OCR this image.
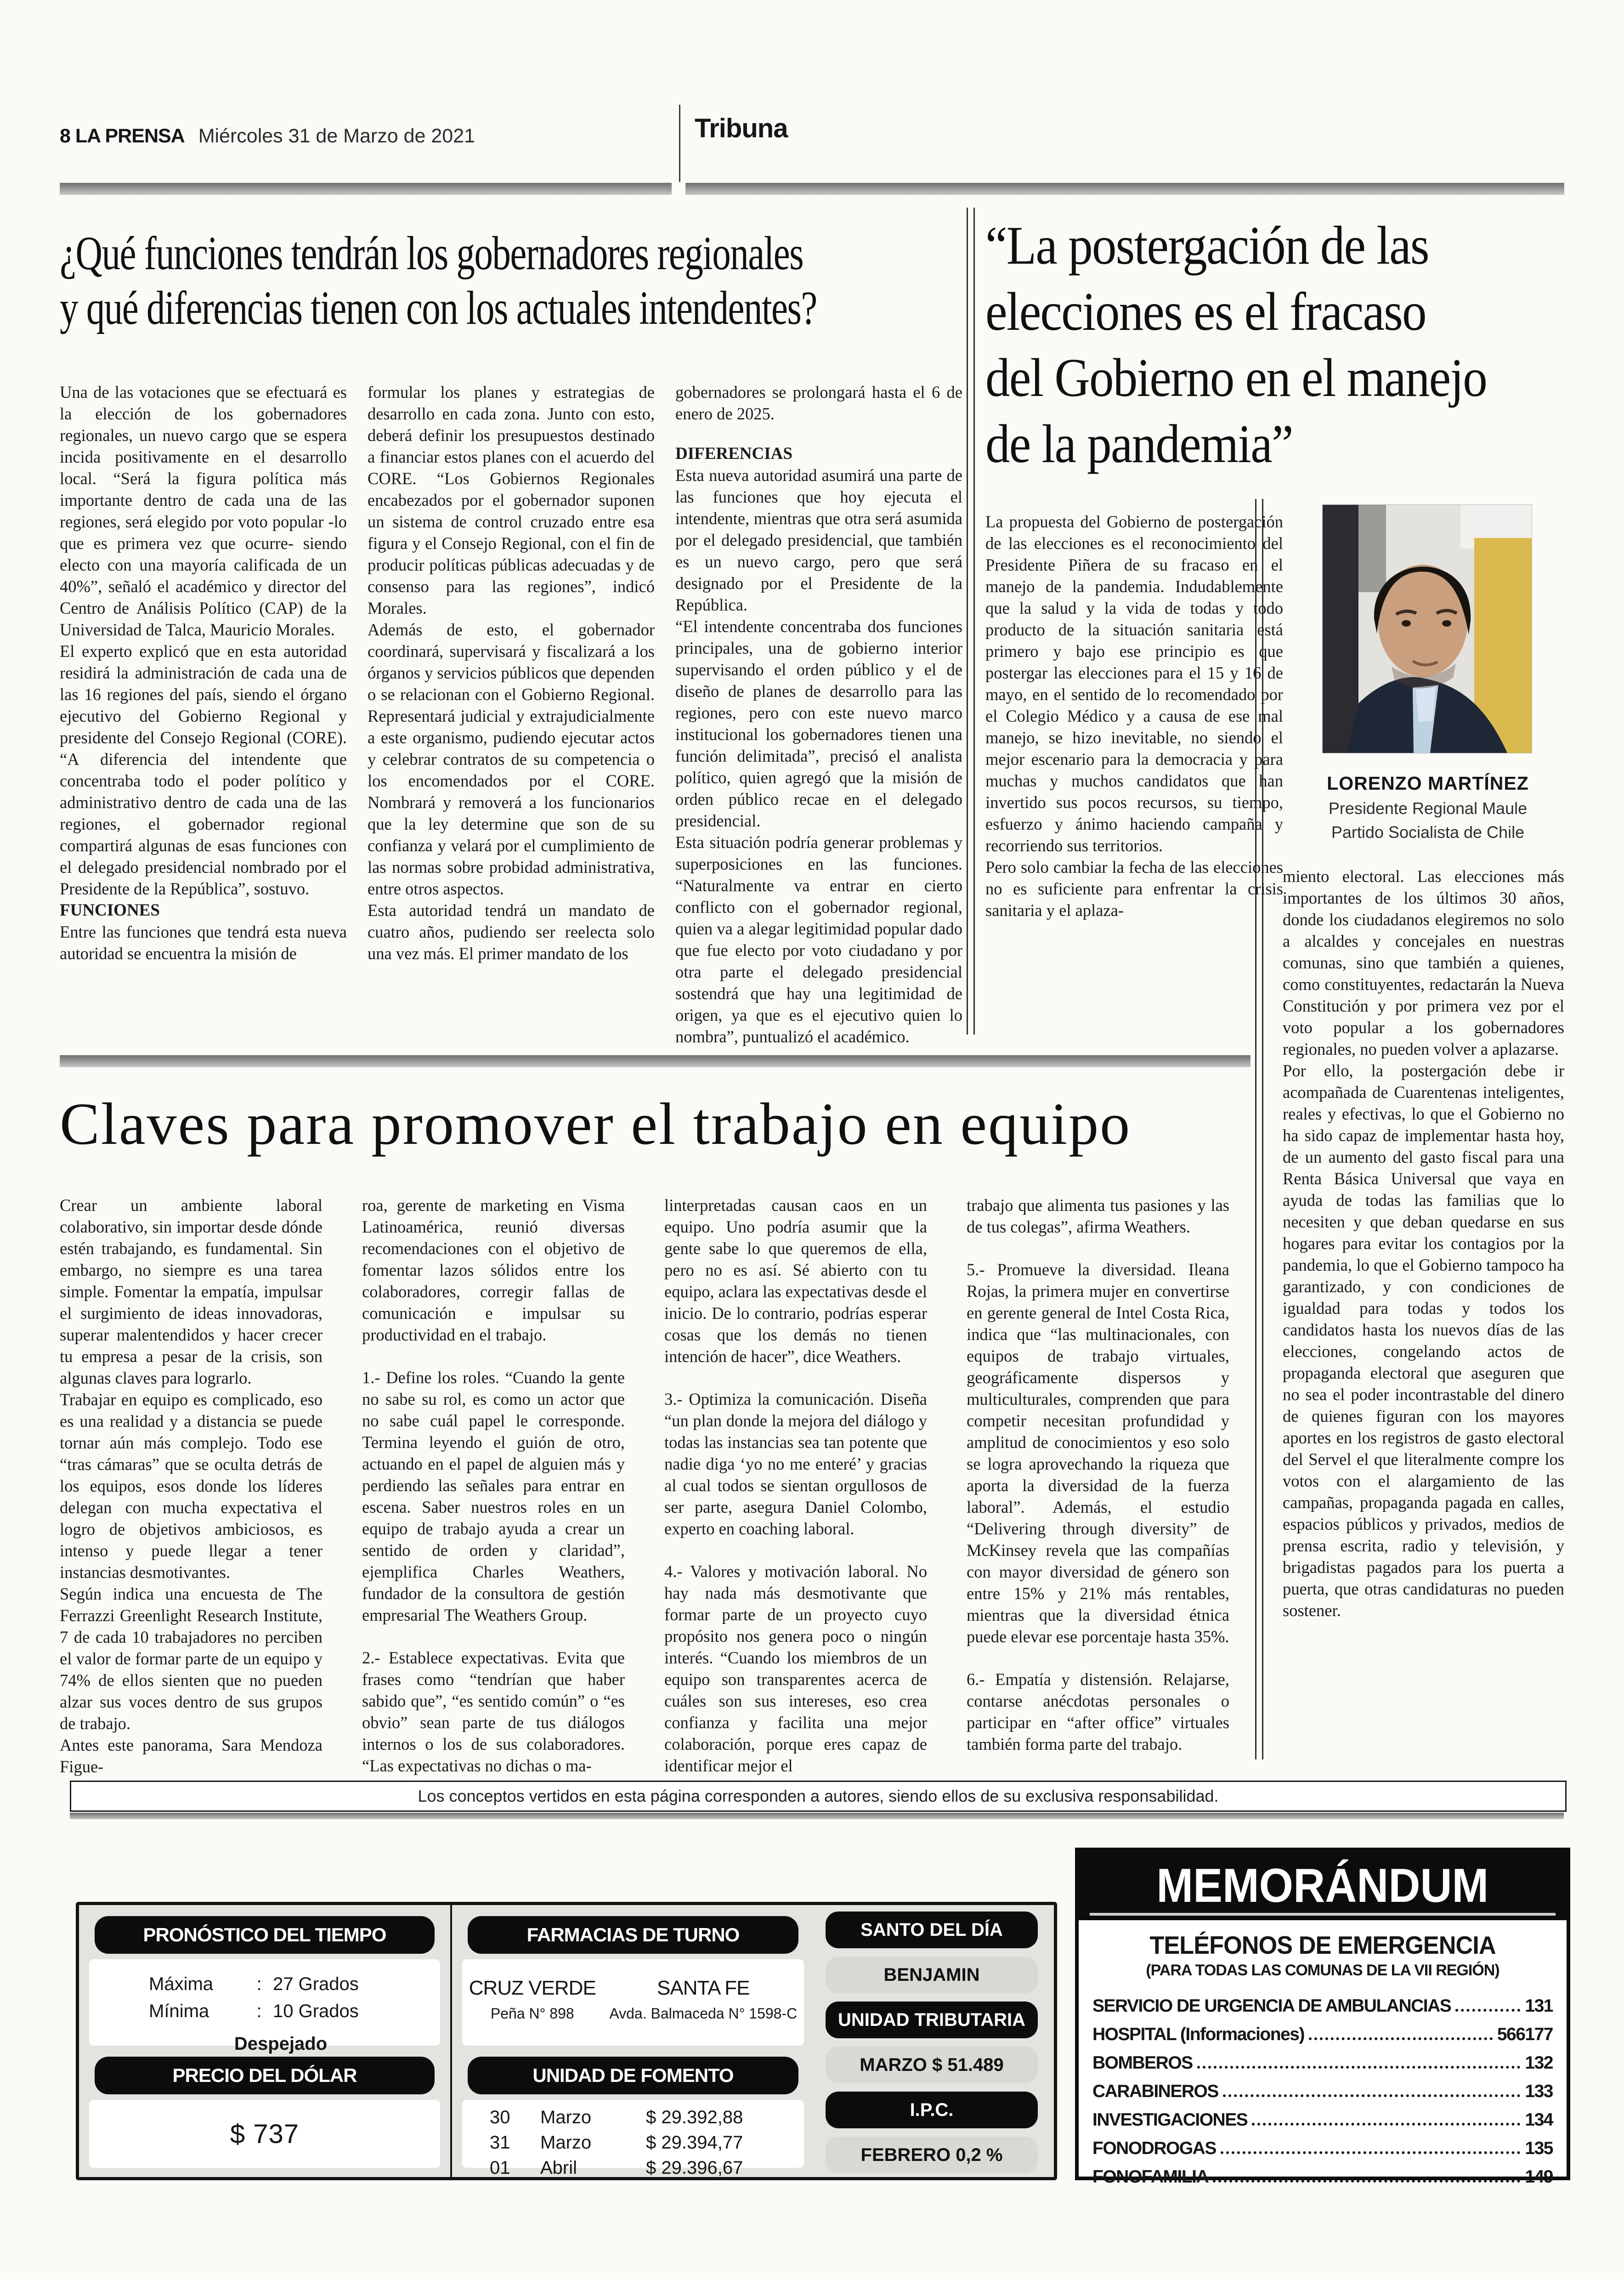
8 LA PRENSA Miércoles 31 de Marzo de 2021	Tribuna
¿Qué funciones tendrán los gobernadores regionales
y qué diferencias tienen con los actuales intendentes?

Una de las votaciones que se efectuará es la elección de los gobernadores regionales, un nuevo cargo que se espera incida positivamente en el desarrollo local. “Será la figura política más importante dentro de cada una de las regiones, será elegido por voto popular -lo que es primera vez que ocurre- siendo electo con una mayoría calificada de un 40%”, señaló el académico y director del Centro de Análisis Político (CAP) de la Universidad de Talca, Mauricio Morales.

El experto explicó que en esta autoridad residirá la administración de cada una de las 16 regiones del país, siendo el órgano ejecutivo del Gobierno Regional y presidente del Consejo Regional (CORE). “A diferencia del intendente que concentraba todo el poder político y administrativo dentro de cada una de las regiones, el gobernador regional compartirá algunas de esas funciones con el delegado presidencial nombrado por el Presidente de la República”, sostuvo.

FUNCIONES

Entre las funciones que tendrá esta nueva autoridad se encuentra la misión de

formular los planes y estrategias de desarrollo en cada zona. Junto con esto, deberá definir los presupuestos destinado a financiar estos planes con el acuerdo del CORE. “Los Gobiernos Regionales encabezados por el gobernador suponen un sistema de control cruzado entre esa figura y el Consejo Regional, con el fin de producir políticas públicas adecuadas y de consenso para las regiones”, indicó Morales.

Además de esto, el gobernador coordinará, supervisará y fiscalizará a los órganos y servicios públicos que dependen o se relacionan con el Gobierno Regional. Representará judicial y extrajudicialmente a este organismo, pudiendo ejecutar actos y celebrar contratos de su competencia o los encomendados por el CORE. Nombrará y removerá a los funcionarios que la ley determine que son de su confianza y velará por el cumplimiento de las normas sobre probidad administrativa, entre otros aspectos.

Esta autoridad tendrá un mandato de cuatro años, pudiendo ser reelecta solo una vez más. El primer mandato de los

gobernadores se prolongará hasta el 6 de enero de 2025.

DIFERENCIAS

Esta nueva autoridad asumirá una parte de las funciones que hoy ejecuta el intendente, mientras que otra será asumida por el delegado presidencial, que también es un nuevo cargo, pero que será designado por el Presidente de la República.

“El intendente concentraba dos funciones principales, una de gobierno interior supervisando el orden público y el de diseño de planes de desarrollo para las regiones, pero con este nuevo marco institucional los gobernadores tienen una función delimitada”, precisó el analista político, quien agregó que la misión de orden público recae en el delegado presidencial.

Esta situación podría generar problemas y superposiciones en las funciones. “Naturalmente va entrar en cierto conflicto con el gobernador regional, quien va a alegar legitimidad popular dado que fue electo por voto ciudadano y por otra parte el delegado presidencial sostendrá que hay una legitimidad de origen, ya que es el ejecutivo quien lo nombra”, puntualizó el académico.

“La postergación de las
elecciones es el fracaso
del Gobierno en el manejo
de la pandemia”

La propuesta del Gobierno de postergación de las elecciones es el reconocimiento del Presidente Piñera de su fracaso en el manejo de la pandemia. Indudablemente que la salud y la vida de todas y todo producto de la situación sanitaria está primero y bajo ese principio es que postergar las elecciones para el 15 y 16 de mayo, en el sentido de lo recomendado por el Colegio Médico y a causa de ese mal manejo, se hizo inevitable, no siendo el mejor escenario para la democracia y para muchas y muchos candidatos que han invertido sus pocos recursos, su tiempo, esfuerzo y ánimo haciendo campaña y recorriendo sus territorios.

Pero solo cambiar la fecha de las elecciones no es suficiente para enfrentar la crisis sanitaria y el aplaza-

LORENZO MARTÍNEZ
Presidente Regional Maule
Partido Socialista de Chile

miento electoral. Las elecciones más importantes de los últimos 30 años, donde los ciudadanos elegiremos no solo a alcaldes y concejales en nuestras comunas, sino que también a quienes, como constituyentes, redactarán la Nueva Constitución y por primera vez por el voto popular a los gobernadores regionales, no pueden volver a aplazarse.

Por ello, la postergación debe ir acompañada de Cuarentenas inteligentes, reales y efectivas, lo que el Gobierno no ha sido capaz de implementar hasta hoy, de un aumento del gasto fiscal para una Renta Básica Universal que vaya en ayuda de todas las familias que lo necesiten y que deban quedarse en sus hogares para evitar los contagios por la pandemia, lo que el Gobierno tampoco ha garantizado, y con condiciones de igualdad para todas y todos los candidatos hasta los nuevos días de las elecciones, congelando actos de propaganda electoral que aseguren que no sea el poder incontrastable del dinero de quienes figuran con los mayores aportes en los registros de gasto electoral del Servel el que literalmente compre los votos con el alargamiento de las campañas, propaganda pagada en calles, espacios públicos y privados, medios de prensa escrita, radio y televisión, y brigadistas pagados para los puerta a puerta, que otras candidaturas no pueden sostener.

Claves para promover el trabajo en equipo

Crear un ambiente laboral colaborativo, sin importar desde dónde estén trabajando, es fundamental. Sin embargo, no siempre es una tarea simple. Fomentar la empatía, impulsar el surgimiento de ideas innovadoras, superar malentendidos y hacer crecer tu empresa a pesar de la crisis, son algunas claves para lograrlo.

Trabajar en equipo es complicado, eso es una realidad y a distancia se puede tornar aún más complejo. Todo ese “tras cámaras” que se oculta detrás de los equipos, esos donde los líderes delegan con mucha expectativa el logro de objetivos ambiciosos, es intenso y puede llegar a tener instancias desmotivantes.

Según indica una encuesta de The Ferrazzi Greenlight Research Institute, 7 de cada 10 trabajadores no perciben el valor de formar parte de un equipo y 74% de ellos sienten que no pueden alzar sus voces dentro de sus grupos de trabajo.

Antes este panorama, Sara Mendoza Figue-

roa, gerente de marketing en Visma Latinoamérica, reunió diversas recomendaciones con el objetivo de fomentar lazos sólidos entre los colaboradores, corregir fallas de comunicación e impulsar su productividad en el trabajo.

1.- Define los roles. “Cuando la gente no sabe su rol, es como un actor que no sabe cuál papel le corresponde. Termina leyendo el guión de otro, actuando en el papel de alguien más y perdiendo las señales para entrar en escena. Saber nuestros roles en un equipo de trabajo ayuda a crear un sentido de orden y claridad”, ejemplifica Charles Weathers, fundador de la consultora de gestión empresarial The Weathers Group.

2.- Establece expectativas. Evita que frases como “tendrían que haber sabido que”, “es sentido común” o “es obvio” sean parte de tus diálogos internos o los de sus colaboradores. “Las expectativas no dichas o ma-

linterpretadas causan caos en un equipo. Uno podría asumir que la gente sabe lo que queremos de ella, pero no es así. Sé abierto con tu equipo, aclara las expectativas desde el inicio. De lo contrario, podrías esperar cosas que los demás no tienen intención de hacer”, dice Weathers.

3.- Optimiza la comunicación. Diseña “un plan donde la mejora del diálogo y todas las instancias sea tan potente que nadie diga ‘yo no me enteré’ y gracias al cual todos se sientan orgullosos de ser parte, asegura Daniel Colombo, experto en coaching laboral.

4.- Valores y motivación laboral. No hay nada más desmotivante que formar parte de un proyecto cuyo propósito nos genera poco o ningún interés. “Cuando los miembros de un equipo son transparentes acerca de cuáles son sus intereses, eso crea confianza y facilita una mejor colaboración, porque eres capaz de identificar mejor el

trabajo que alimenta tus pasiones y las de tus colegas”, afirma Weathers.

5.- Promueve la diversidad. Ileana Rojas, la primera mujer en convertirse en gerente general de Intel Costa Rica, indica que “las multinacionales, con equipos de trabajo virtuales, geográficamente dispersos y multiculturales, comprenden que para competir necesitan profundidad y amplitud de conocimientos y eso solo se logra aprovechando la riqueza que aporta la diversidad de la fuerza laboral”. Además, el estudio “Delivering through diversity” de McKinsey revela que las compañías con mayor diversidad de género son entre 15% y 21% más rentables, mientras que la diversidad étnica puede elevar ese porcentaje hasta 35%.

6.- Empatía y distensión. Relajarse, contarse anécdotas personales o participar en “after office” virtuales también forma parte del trabajo.

Los conceptos vertidos en esta página corresponden a autores, siendo ellos de su exclusiva responsabilidad.
PRONÓSTICO DEL TIEMPO
Máxima	: 27 Grados
Mínima	: 10 Grados
Despejado
PRECIO DEL DÓLAR
$ 737
FARMACIAS DE TURNO
CRUZ VERDE
Peña N° 898
SANTA FE
Avda. Balmaceda N° 1598-C
UNIDAD DE FOMENTO
30	Marzo	$ 29.392,88
31	Marzo	$ 29.394,77
01	Abril	$ 29.396,67
SANTO DEL DÍA
BENJAMIN
UNIDAD TRIBUTARIA
MARZO $ 51.489
I.P.C.
FEBRERO 0,2 %
MEMORÁNDUM
TELÉFONOS DE EMERGENCIA
(PARA TODAS LAS COMUNAS DE LA VII REGIÓN)
SERVICIO DE URGENCIA DE AMBULANCIAS	131
HOSPITAL (Informaciones)	566177
BOMBEROS	132
CARABINEROS	133
INVESTIGACIONES	134
FONODROGAS	135
FONOFAMILIA	149
